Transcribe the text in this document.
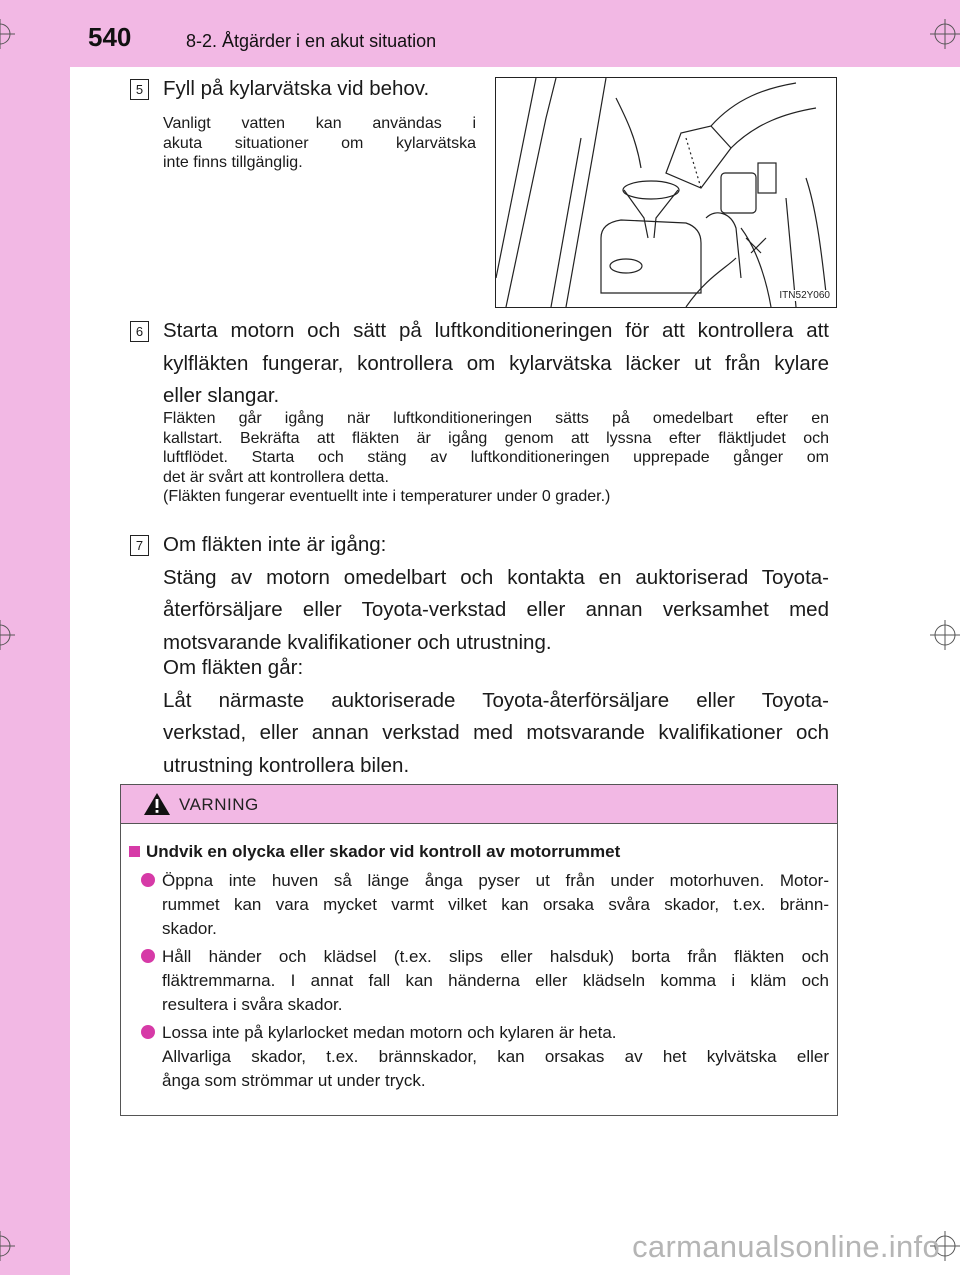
540	8-2. Åtgärder i en akut situation
5 Fyll på kylarvätska vid behov.

Vanligt vatten kan användas i
akuta situationer om kylarvätska
inte finns tillgänglig.
ITN52Y060
6 Starta motorn och sätt på luftkonditioneringen för att kontrollera att
kylfläkten fungerar, kontrollera om kylarvätska läcker ut från kylare
eller slangar.
Fläkten går igång när luftkonditioneringen sätts på omedelbart efter en
kallstart. Bekräfta att fläkten är igång genom att lyssna efter fläktljudet och
luftflödet. Starta och stäng av luftkonditioneringen upprepade gånger om
det är svårt att kontrollera detta.
(Fläkten fungerar eventuellt inte i temperaturer under 0 grader.)
7 Om fläkten inte är igång:
Stäng av motorn omedelbart och kontakta en auktoriserad Toyota-
återförsäljare eller Toyota-verkstad eller annan verksamhet med
motsvarande kvalifikationer och utrustning.
Om fläkten går:
Låt närmaste auktoriserade Toyota-återförsäljare eller Toyota-
verkstad, eller annan verkstad med motsvarande kvalifikationer och
utrustning kontrollera bilen.
VARNING
Undvik en olycka eller skador vid kontroll av motorrummet
Öppna inte huven så länge ånga pyser ut från under motorhuven. Motor-
rummet kan vara mycket varmt vilket kan orsaka svåra skador, t.ex. bränn-
skador.
Håll händer och klädsel (t.ex. slips eller halsduk) borta från fläkten och
fläktremmarna. I annat fall kan händerna eller klädseln komma i kläm och
resultera i svåra skador.
Lossa inte på kylarlocket medan motorn och kylaren är heta.
Allvarliga skador, t.ex. brännskador, kan orsakas av het kylvätska eller
ånga som strömmar ut under tryck.
carmanualsonline.info
